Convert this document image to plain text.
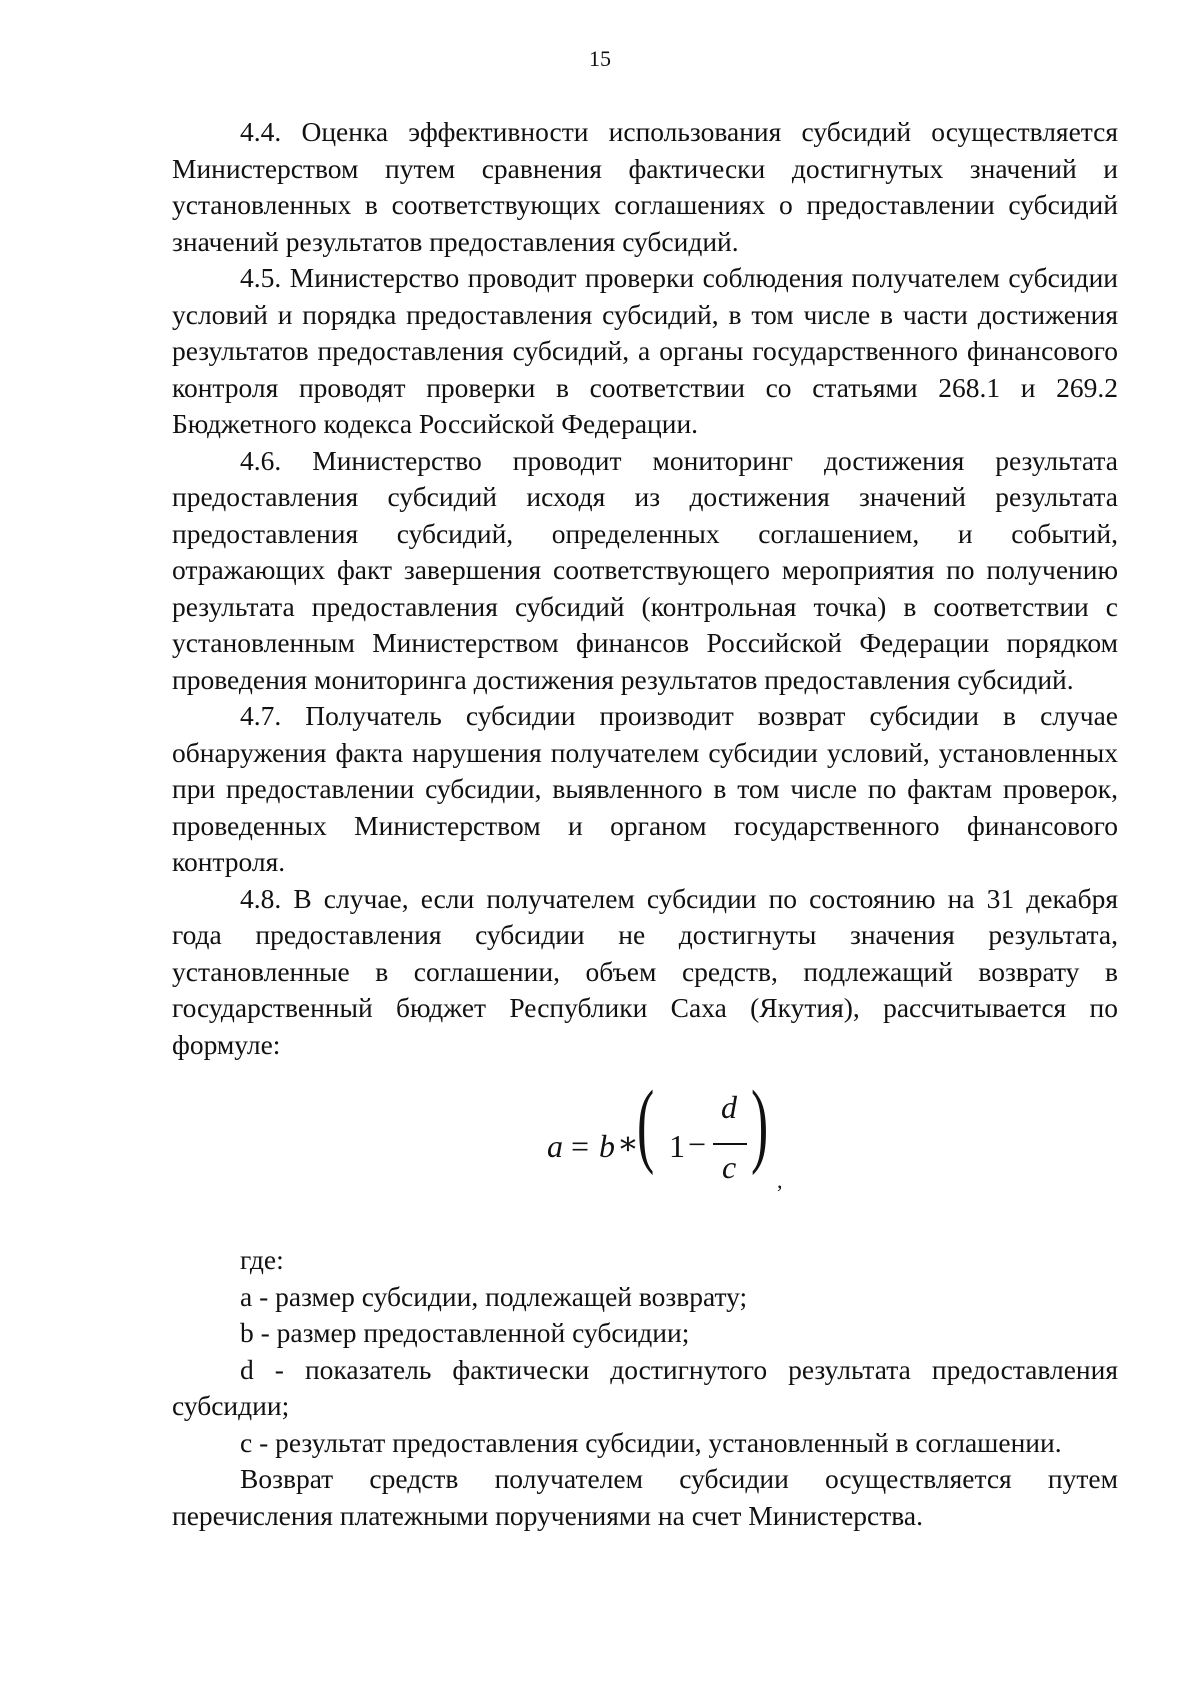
15

4.4. Оценка эффективности использования субсидий осуществляется Министерством путем сравнения фактически достигнутых значений и установленных в соответствующих соглашениях о предоставлении субсидий значений результатов предоставления субсидий.

4.5. Министерство проводит проверки соблюдения получателем субсидии условий и порядка предоставления субсидий, в том числе в части достижения результатов предоставления субсидий, а органы государственного финансового контроля проводят проверки в соответствии со статьями 268.1 и 269.2 Бюджетного кодекса Российской Федерации.

4.6. Министерство проводит мониторинг достижения результата предоставления субсидий исходя из достижения значений результата предоставления субсидий, определенных соглашением, и событий, отражающих факт завершения соответствующего мероприятия по получению результата предоставления субсидий (контрольная точка) в соответствии с установленным Министерством финансов Российской Федерации порядком проведения мониторинга достижения результатов предоставления субсидий.

4.7. Получатель субсидии производит возврат субсидии в случае обнаружения факта нарушения получателем субсидии условий, установленных при предоставлении субсидии, выявленного в том числе по фактам проверок, проведенных Министерством и органом государственного финансового контроля.

4.8. В случае, если получателем субсидии по состоянию на 31 декабря года предоставления субсидии не достигнуты значения результата, установленные в соглашении, объем средств, подлежащий возврату в государственный бюджет Республики Саха (Якутия), рассчитывается по формуле:

a = b ∗
( 1 −
d
c )
,

где:

a - размер субсидии, подлежащей возврату;

b - размер предоставленной субсидии;

d - показатель фактически достигнутого результата предоставления субсидии;

c - результат предоставления субсидии, установленный в соглашении.

Возврат средств получателем субсидии осуществляется путем перечисления платежными поручениями на счет Министерства.
